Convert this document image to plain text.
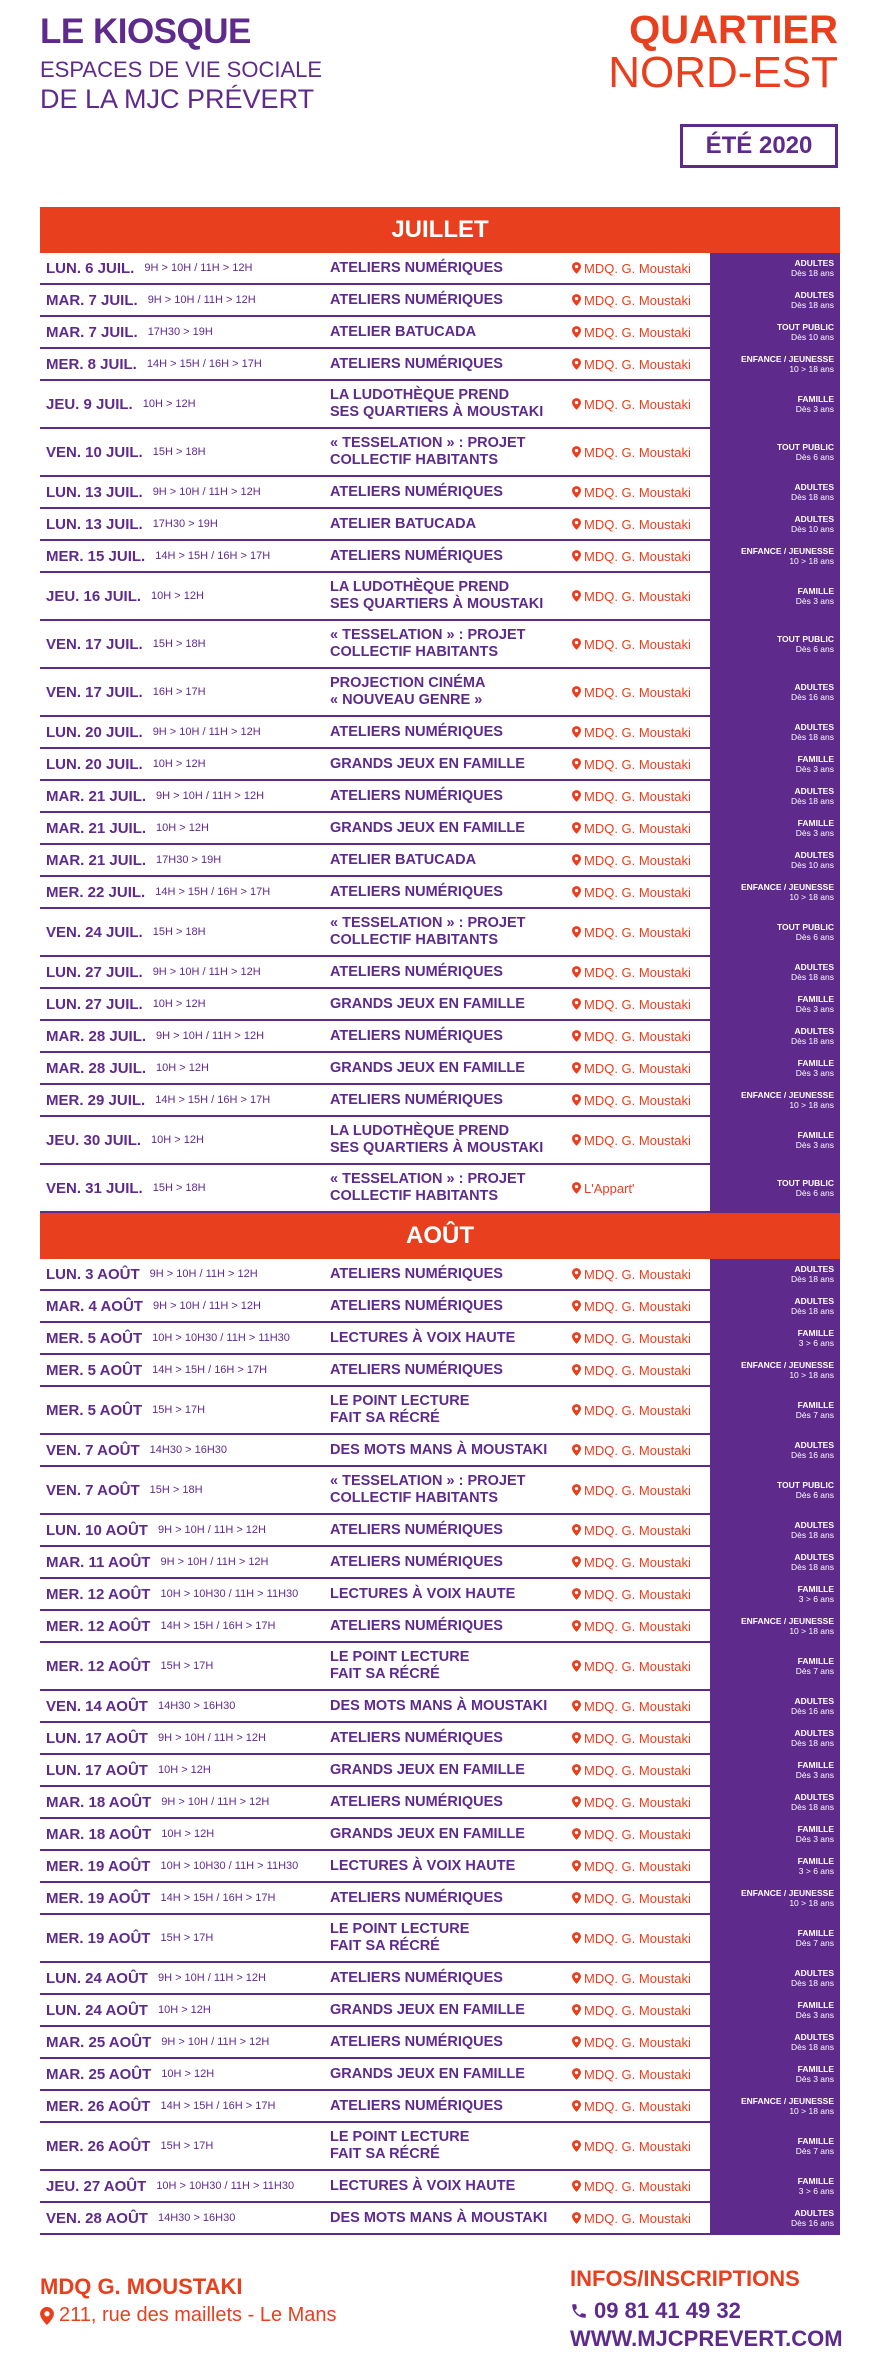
LE KIOSQUE
ESPACES DE VIE SOCIALE
DE LA MJC PRÉVERT
QUARTIER
NORD-EST
ÉTÉ 2020
JUILLET
LUN. 6 JUIL. 9H > 10H / 11H > 12H	ATELIERS NUMÉRIQUES	MDQ. G. Moustaki	ADULTES
Dès 18 ans
MAR. 7 JUIL. 9H > 10H / 11H > 12H	ATELIERS NUMÉRIQUES	MDQ. G. Moustaki	ADULTES
Dès 18 ans
MAR. 7 JUIL. 17H30 > 19H	ATELIER BATUCADA	MDQ. G. Moustaki	TOUT PUBLIC
Dès 10 ans
MER. 8 JUIL. 14H > 15H / 16H > 17H	ATELIERS NUMÉRIQUES	MDQ. G. Moustaki	ENFANCE / JEUNESSE
10 > 18 ans
JEU. 9 JUIL. 10H > 12H
LA LUDOTHÈQUE PREND
SES QUARTIERS À MOUSTAKI	MDQ. G. Moustaki	FAMILLE
Dès 3 ans
VEN. 10 JUIL. 15H > 18H
« TESSELATION » : PROJET
COLLECTIF HABITANTS	MDQ. G. Moustaki	TOUT PUBLIC
Dès 6 ans
LUN. 13 JUIL. 9H > 10H / 11H > 12H	ATELIERS NUMÉRIQUES	MDQ. G. Moustaki	ADULTES
Dès 18 ans
LUN. 13 JUIL. 17H30 > 19H	ATELIER BATUCADA	MDQ. G. Moustaki	ADULTES
Dès 10 ans
MER. 15 JUIL. 14H > 15H / 16H > 17H	ATELIERS NUMÉRIQUES	MDQ. G. Moustaki	ENFANCE / JEUNESSE
10 > 18 ans
JEU. 16 JUIL. 10H > 12H
LA LUDOTHÈQUE PREND
SES QUARTIERS À MOUSTAKI	MDQ. G. Moustaki	FAMILLE
Dès 3 ans
VEN. 17 JUIL. 15H > 18H
« TESSELATION » : PROJET
COLLECTIF HABITANTS	MDQ. G. Moustaki	TOUT PUBLIC
Dès 6 ans
VEN. 17 JUIL. 16H > 17H
PROJECTION CINÉMA
« NOUVEAU GENRE »	MDQ. G. Moustaki	ADULTES
Dès 16 ans
LUN. 20 JUIL. 9H > 10H / 11H > 12H	ATELIERS NUMÉRIQUES	MDQ. G. Moustaki	ADULTES
Dès 18 ans
LUN. 20 JUIL. 10H > 12H	GRANDS JEUX EN FAMILLE	MDQ. G. Moustaki	FAMILLE
Dès 3 ans
MAR. 21 JUIL. 9H > 10H / 11H > 12H	ATELIERS NUMÉRIQUES	MDQ. G. Moustaki	ADULTES
Dès 18 ans
MAR. 21 JUIL. 10H > 12H	GRANDS JEUX EN FAMILLE	MDQ. G. Moustaki	FAMILLE
Dès 3 ans
MAR. 21 JUIL. 17H30 > 19H	ATELIER BATUCADA	MDQ. G. Moustaki	ADULTES
Dès 10 ans
MER. 22 JUIL. 14H > 15H / 16H > 17H	ATELIERS NUMÉRIQUES	MDQ. G. Moustaki	ENFANCE / JEUNESSE
10 > 18 ans
VEN. 24 JUIL. 15H > 18H
« TESSELATION » : PROJET
COLLECTIF HABITANTS	MDQ. G. Moustaki	TOUT PUBLIC
Dès 6 ans
LUN. 27 JUIL. 9H > 10H / 11H > 12H	ATELIERS NUMÉRIQUES	MDQ. G. Moustaki	ADULTES
Dès 18 ans
LUN. 27 JUIL. 10H > 12H	GRANDS JEUX EN FAMILLE	MDQ. G. Moustaki	FAMILLE
Dès 3 ans
MAR. 28 JUIL. 9H > 10H / 11H > 12H	ATELIERS NUMÉRIQUES	MDQ. G. Moustaki	ADULTES
Dès 18 ans
MAR. 28 JUIL. 10H > 12H	GRANDS JEUX EN FAMILLE	MDQ. G. Moustaki	FAMILLE
Dès 3 ans
MER. 29 JUIL. 14H > 15H / 16H > 17H	ATELIERS NUMÉRIQUES	MDQ. G. Moustaki	ENFANCE / JEUNESSE
10 > 18 ans
JEU. 30 JUIL. 10H > 12H
LA LUDOTHÈQUE PREND
SES QUARTIERS À MOUSTAKI	MDQ. G. Moustaki	FAMILLE
Dès 3 ans
VEN. 31 JUIL. 15H > 18H
« TESSELATION » : PROJET
COLLECTIF HABITANTS	L'Appart'	TOUT PUBLIC
Dès 6 ans
AOÛT
LUN. 3 AOÛT 9H > 10H / 11H > 12H	ATELIERS NUMÉRIQUES	MDQ. G. Moustaki	ADULTES
Dès 18 ans
MAR. 4 AOÛT 9H > 10H / 11H > 12H	ATELIERS NUMÉRIQUES	MDQ. G. Moustaki	ADULTES
Dès 18 ans
MER. 5 AOÛT 10H > 10H30 / 11H > 11H30	LECTURES À VOIX HAUTE	MDQ. G. Moustaki	FAMILLE
3 > 6 ans
MER. 5 AOÛT 14H > 15H / 16H > 17H	ATELIERS NUMÉRIQUES	MDQ. G. Moustaki	ENFANCE / JEUNESSE
10 > 18 ans
MER. 5 AOÛT 15H > 17H
LE POINT LECTURE
FAIT SA RÉCRÉ	MDQ. G. Moustaki	FAMILLE
Dès 7 ans
VEN. 7 AOÛT 14H30 > 16H30	DES MOTS MANS À MOUSTAKI	MDQ. G. Moustaki	ADULTES
Dès 16 ans
VEN. 7 AOÛT 15H > 18H
« TESSELATION » : PROJET
COLLECTIF HABITANTS	MDQ. G. Moustaki	TOUT PUBLIC
Dès 6 ans
LUN. 10 AOÛT 9H > 10H / 11H > 12H	ATELIERS NUMÉRIQUES	MDQ. G. Moustaki	ADULTES
Dès 18 ans
MAR. 11 AOÛT 9H > 10H / 11H > 12H	ATELIERS NUMÉRIQUES	MDQ. G. Moustaki	ADULTES
Dès 18 ans
MER. 12 AOÛT 10H > 10H30 / 11H > 11H30 LECTURES À VOIX HAUTE	MDQ. G. Moustaki	FAMILLE
3 > 6 ans
MER. 12 AOÛT 14H > 15H / 16H > 17H	ATELIERS NUMÉRIQUES	MDQ. G. Moustaki	ENFANCE / JEUNESSE
10 > 18 ans
MER. 12 AOÛT 15H > 17H
LE POINT LECTURE
FAIT SA RÉCRÉ	MDQ. G. Moustaki	FAMILLE
Dès 7 ans
VEN. 14 AOÛT 14H30 > 16H30	DES MOTS MANS À MOUSTAKI	MDQ. G. Moustaki	ADULTES
Dès 16 ans
LUN. 17 AOÛT 9H > 10H / 11H > 12H	ATELIERS NUMÉRIQUES	MDQ. G. Moustaki	ADULTES
Dès 18 ans
LUN. 17 AOÛT 10H > 12H	GRANDS JEUX EN FAMILLE	MDQ. G. Moustaki	FAMILLE
Dès 3 ans
MAR. 18 AOÛT 9H > 10H / 11H > 12H	ATELIERS NUMÉRIQUES	MDQ. G. Moustaki	ADULTES
Dès 18 ans
MAR. 18 AOÛT 10H > 12H	GRANDS JEUX EN FAMILLE	MDQ. G. Moustaki	FAMILLE
Dès 3 ans
MER. 19 AOÛT 10H > 10H30 / 11H > 11H30 LECTURES À VOIX HAUTE	MDQ. G. Moustaki	FAMILLE
3 > 6 ans
MER. 19 AOÛT 14H > 15H / 16H > 17H	ATELIERS NUMÉRIQUES	MDQ. G. Moustaki	ENFANCE / JEUNESSE
10 > 18 ans
MER. 19 AOÛT 15H > 17H
LE POINT LECTURE
FAIT SA RÉCRÉ	MDQ. G. Moustaki	FAMILLE
Dès 7 ans
LUN. 24 AOÛT 9H > 10H / 11H > 12H	ATELIERS NUMÉRIQUES	MDQ. G. Moustaki	ADULTES
Dès 18 ans
LUN. 24 AOÛT 10H > 12H	GRANDS JEUX EN FAMILLE	MDQ. G. Moustaki	FAMILLE
Dès 3 ans
MAR. 25 AOÛT 9H > 10H / 11H > 12H	ATELIERS NUMÉRIQUES	MDQ. G. Moustaki	ADULTES
Dès 18 ans
MAR. 25 AOÛT 10H > 12H	GRANDS JEUX EN FAMILLE	MDQ. G. Moustaki	FAMILLE
Dès 3 ans
MER. 26 AOÛT 14H > 15H / 16H > 17H	ATELIERS NUMÉRIQUES	MDQ. G. Moustaki	ENFANCE / JEUNESSE
10 > 18 ans
MER. 26 AOÛT 15H > 17H
LE POINT LECTURE
FAIT SA RÉCRÉ	MDQ. G. Moustaki	FAMILLE
Dès 7 ans
JEU. 27 AOÛT 10H > 10H30 / 11H > 11H30 LECTURES À VOIX HAUTE	MDQ. G. Moustaki	FAMILLE
3 > 6 ans
VEN. 28 AOÛT 14H30 > 16H30	DES MOTS MANS À MOUSTAKI	MDQ. G. Moustaki	ADULTES
Dès 16 ans
MDQ G. MOUSTAKI
211, rue des maillets - Le Mans
INFOS/INSCRIPTIONS
09 81 41 49 32
WWW.MJCPREVERT.COM
